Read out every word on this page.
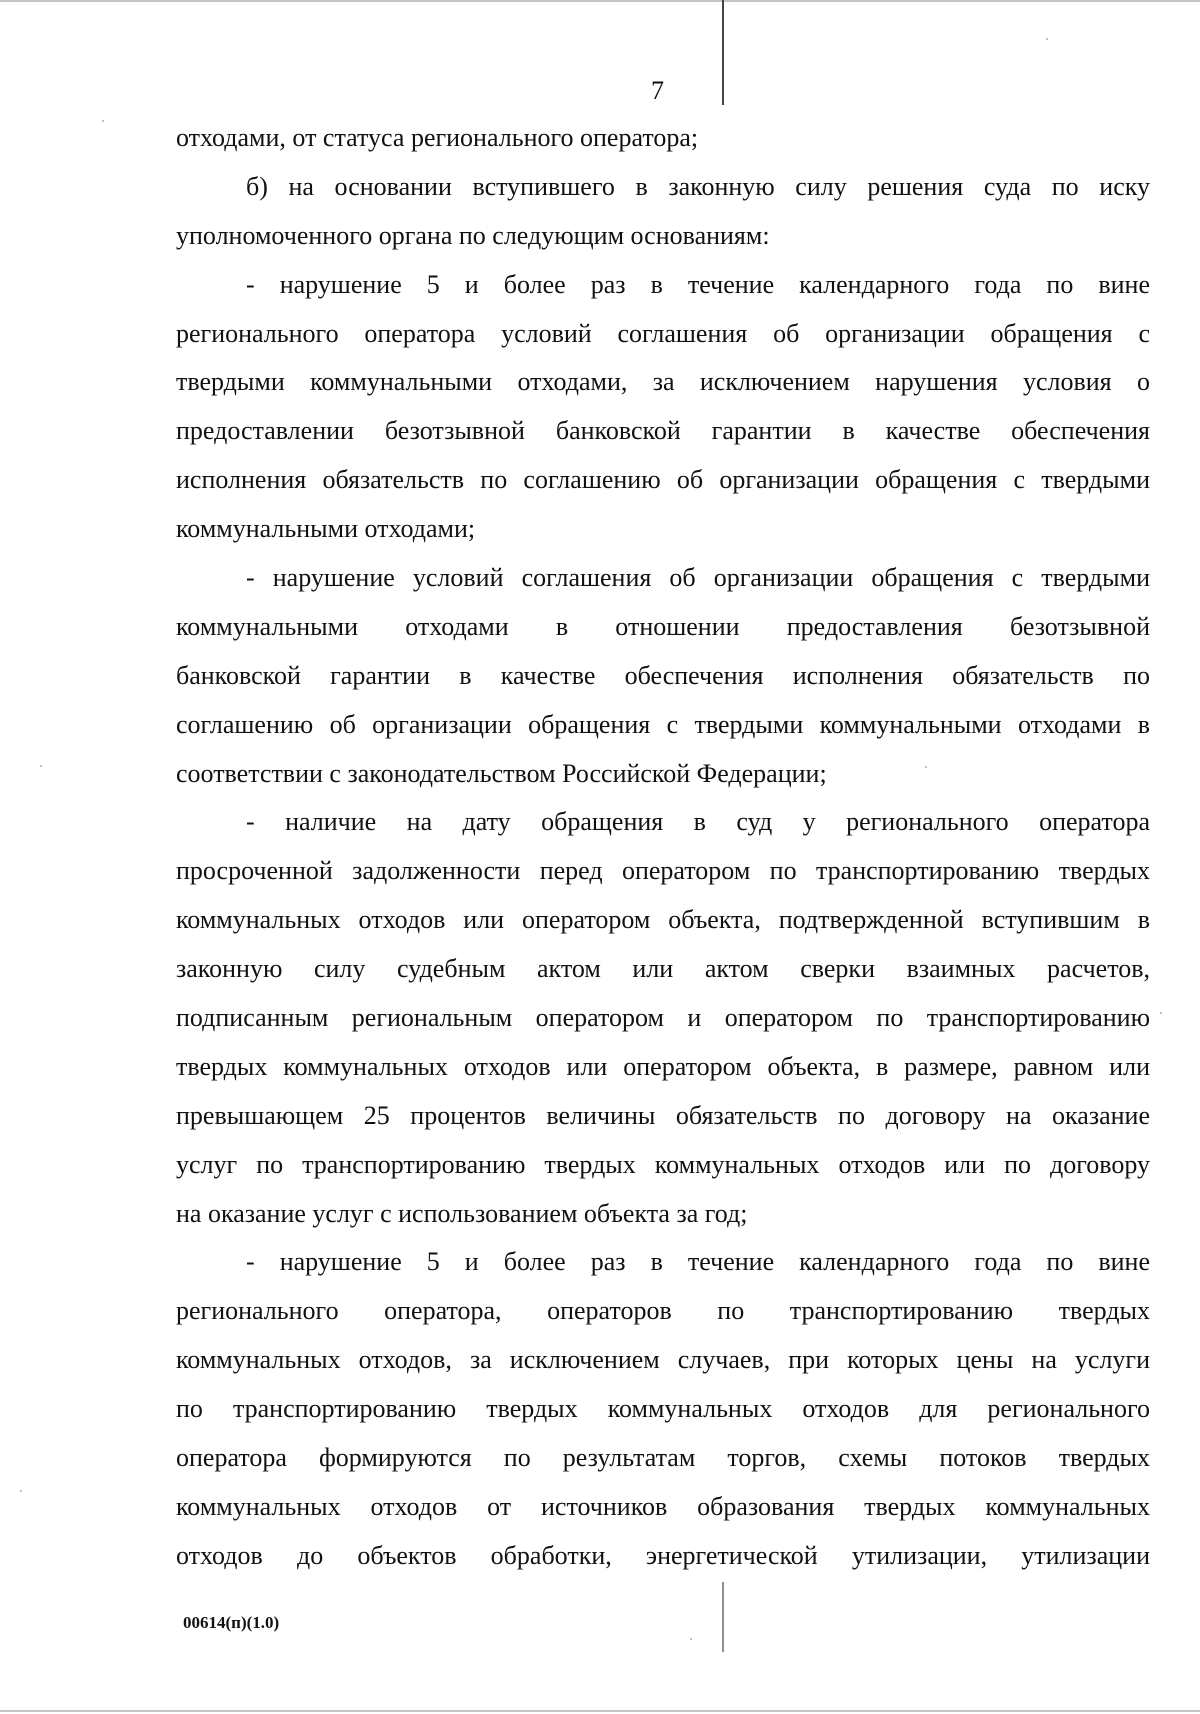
7
отходами, от статуса регионального оператора;
б) на основании вступившего в законную силу решения суда по иску
уполномоченного органа по следующим основаниям:
- нарушение 5 и более раз в течение календарного года по вине
регионального оператора условий соглашения об организации обращения с
твердыми коммунальными отходами, за исключением нарушения условия о
предоставлении безотзывной банковской гарантии в качестве обеспечения
исполнения обязательств по соглашению об организации обращения с твердыми
коммунальными отходами;
- нарушение условий соглашения об организации обращения с твердыми
коммунальными отходами в отношении предоставления безотзывной
банковской гарантии в качестве обеспечения исполнения обязательств по
соглашению об организации обращения с твердыми коммунальными отходами в
соответствии с законодательством Российской Федерации;
- наличие на дату обращения в суд у регионального оператора
просроченной задолженности перед оператором по транспортированию твердых
коммунальных отходов или оператором объекта, подтвержденной вступившим в
законную силу судебным актом или актом сверки взаимных расчетов,
подписанным региональным оператором и оператором по транспортированию
твердых коммунальных отходов или оператором объекта, в размере, равном или
превышающем 25 процентов величины обязательств по договору на оказание
услуг по транспортированию твердых коммунальных отходов или по договору
на оказание услуг с использованием объекта за год;
- нарушение 5 и более раз в течение календарного года по вине
регионального оператора, операторов по транспортированию твердых
коммунальных отходов, за исключением случаев, при которых цены на услуги
по транспортированию твердых коммунальных отходов для регионального
оператора формируются по результатам торгов, схемы потоков твердых
коммунальных отходов от источников образования твердых коммунальных
отходов до объектов обработки, энергетической утилизации, утилизации
00614(п)(1.0)
